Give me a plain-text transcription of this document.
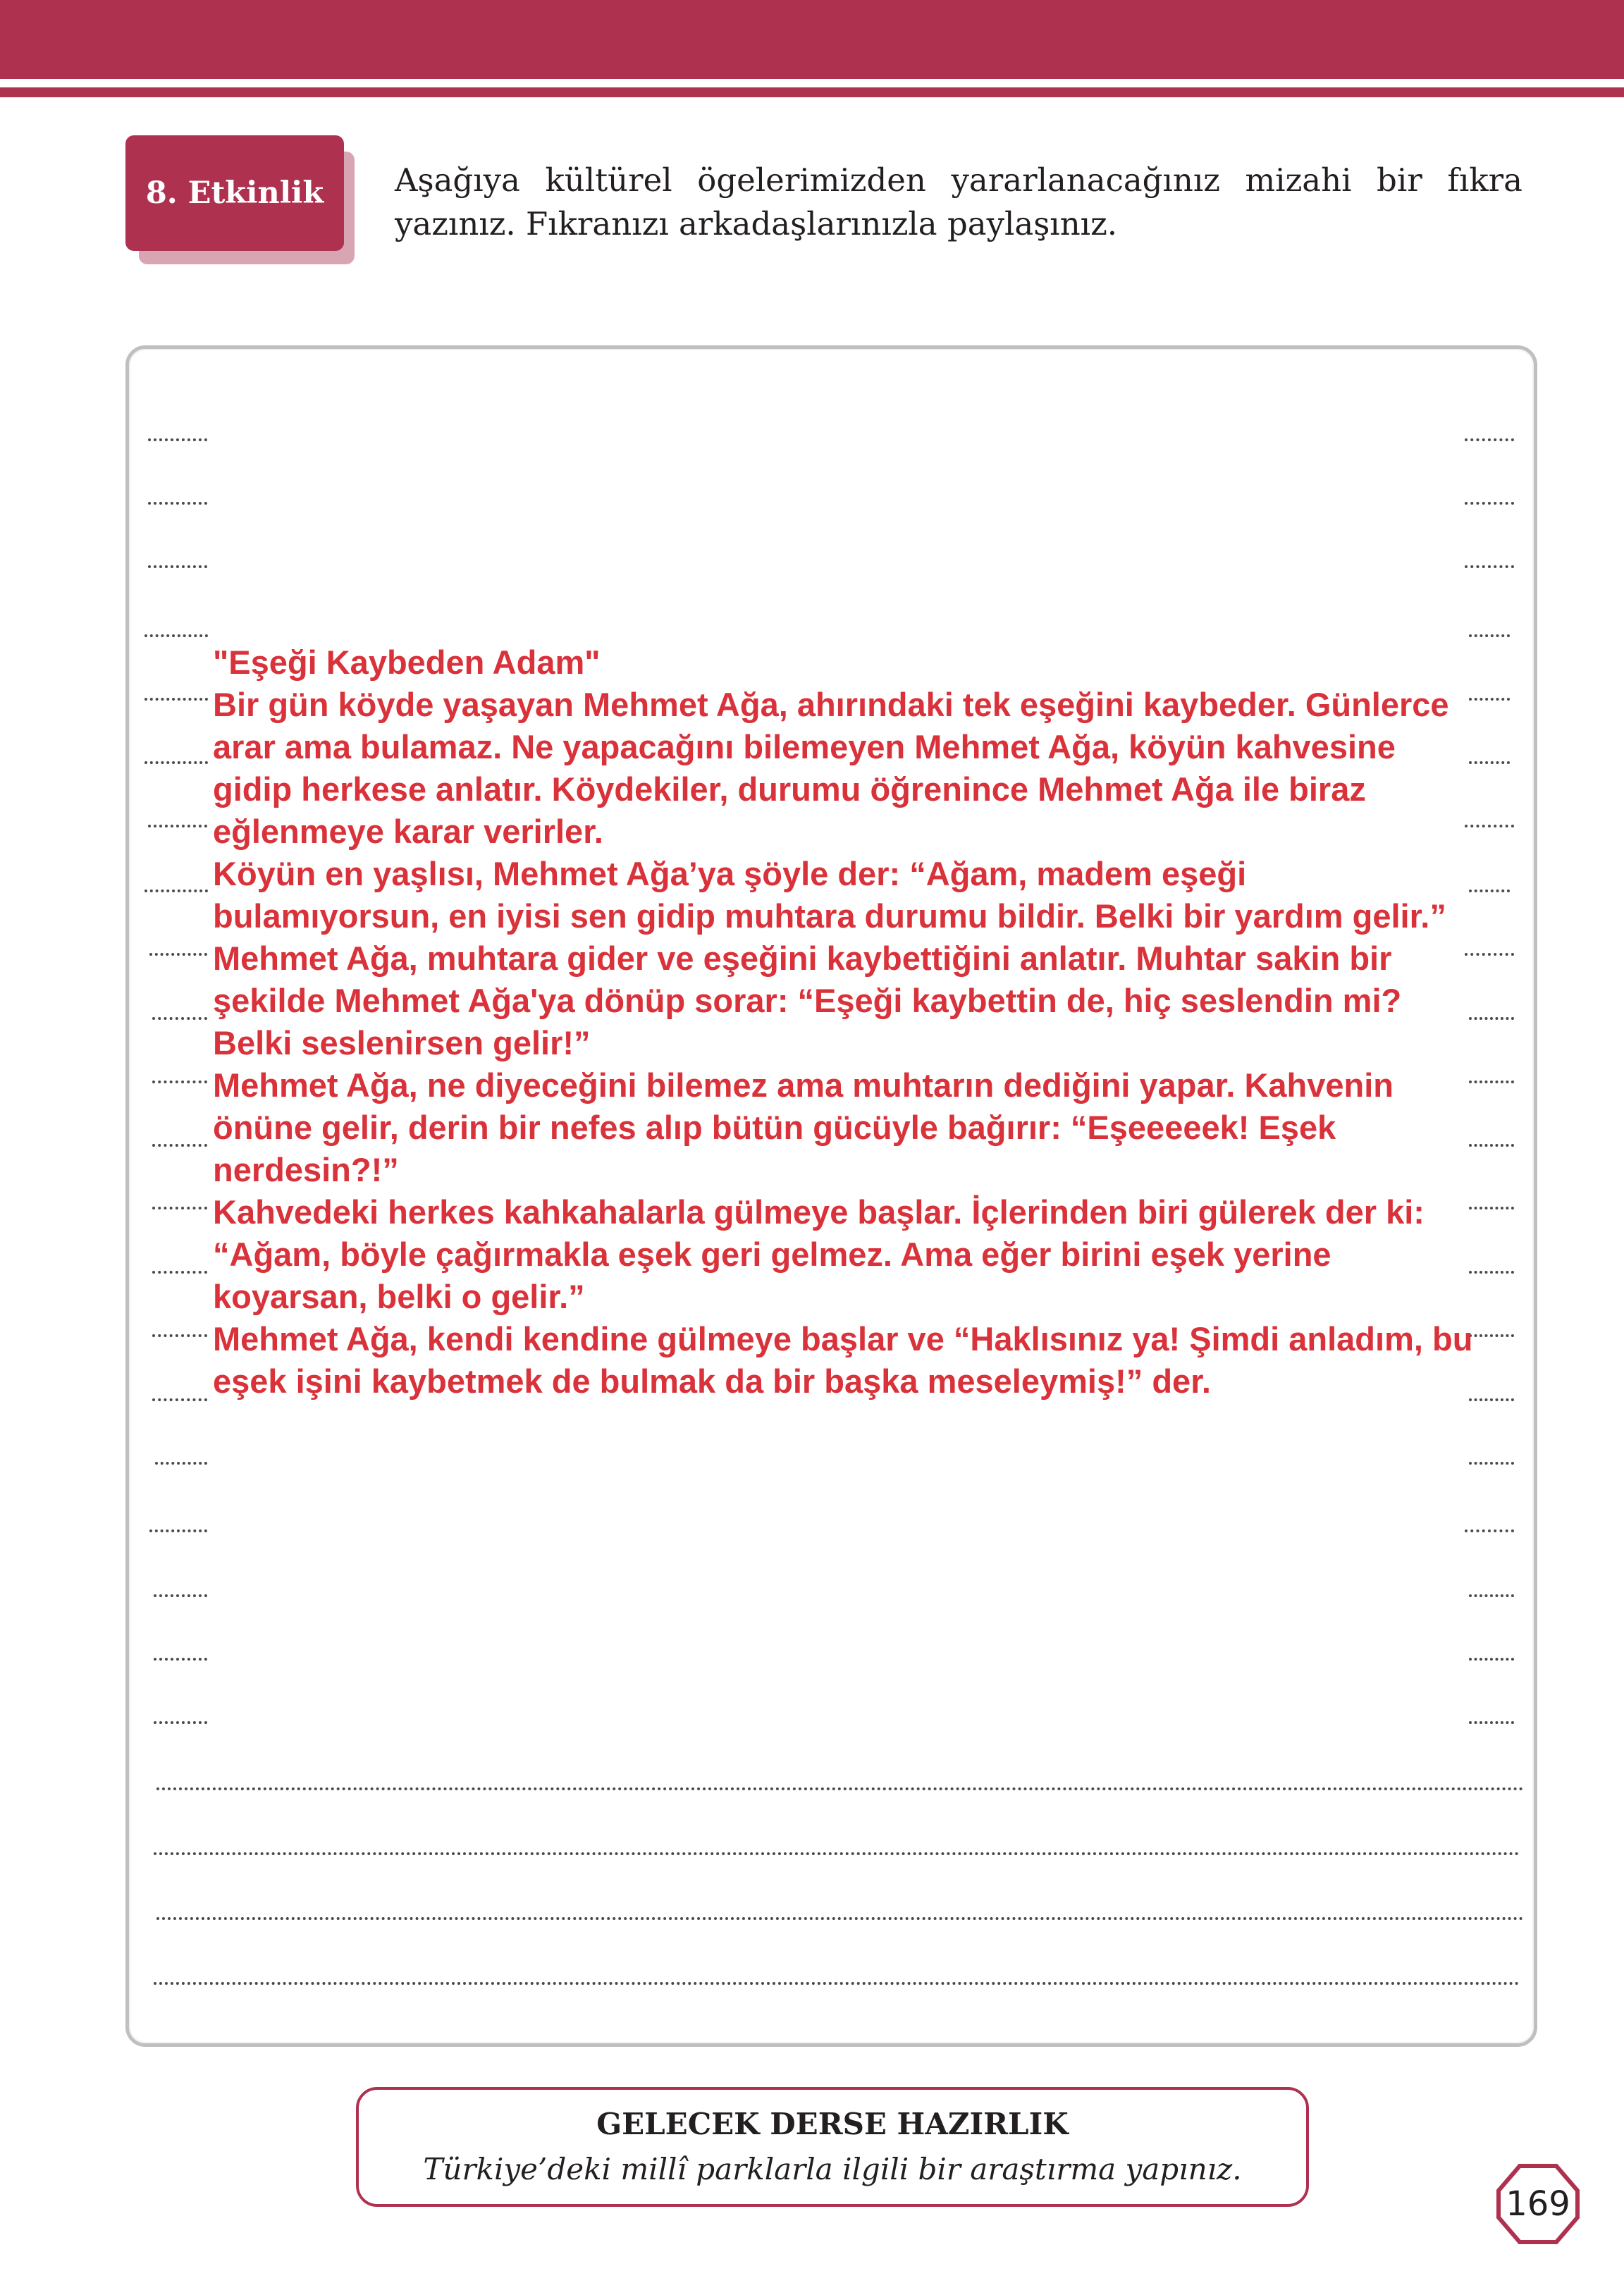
8. Etkinlik Aşağıya kültürel ögelerimizden yararlanacağınız mizahi bir fıkra yazınız. Fıkranızı arkadaşlarınızla paylaşınız.

"Eşeği Kaybeden Adam"

Bir gün köyde yaşayan Mehmet Ağa, ahırındaki tek eşeğini kaybeder. Günlerce arar ama bulamaz. Ne yapacağını bilemeyen Mehmet Ağa, köyün kahvesine gidip herkese anlatır. Köydekiler, durumu öğrenince Mehmet Ağa ile biraz eğlenmeye karar verirler.

Köyün en yaşlısı, Mehmet Ağa’ya şöyle der: “Ağam, madem eşeği bulamıyorsun, en iyisi sen gidip muhtara durumu bildir. Belki bir yardım gelir.”

Mehmet Ağa, muhtara gider ve eşeğini kaybettiğini anlatır. Muhtar sakin bir şekilde Mehmet Ağa'ya dönüp sorar: “Eşeği kaybettin de, hiç seslendin mi? Belki seslenirsen gelir!”

Mehmet Ağa, ne diyeceğini bilemez ama muhtarın dediğini yapar. Kahvenin önüne gelir, derin bir nefes alıp bütün gücüyle bağırır: “Eşeeeeek! Eşek nerdesin?!”

Kahvedeki herkes kahkahalarla gülmeye başlar. İçlerinden biri gülerek der ki: “Ağam, böyle çağırmakla eşek geri gelmez. Ama eğer birini eşek yerine koyarsan, belki o gelir.”

Mehmet Ağa, kendi kendine gülmeye başlar ve “Haklısınız ya! Şimdi anladım, bu eşek işini kaybetmek de bulmak da bir başka meseleymiş!” der.

GELECEK DERSE HAZIRLIK
Türkiye’deki millî parklarla ilgili bir araştırma yapınız.
169
